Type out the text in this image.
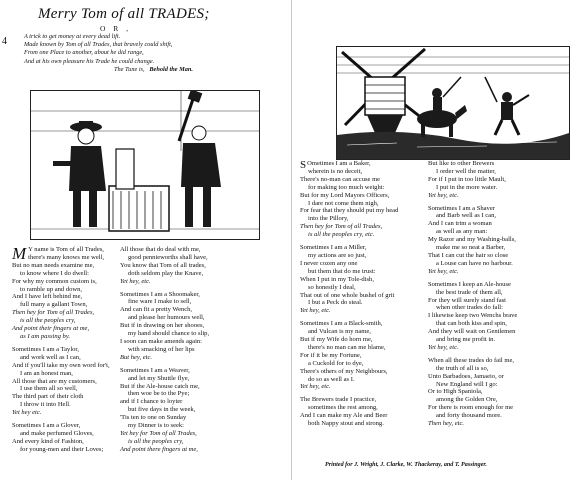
4
Merry Tom of all TRADES;
O R ,
A trick to get money at every dead lift.
Made known by Tom of all Trades, that bravely could shift,
From one Place to another, about he did range,
And at his own pleasure his Trade he could change.
The Tune is, Behold the Man.

M Y name is Tom of all Trades,
there's many knows me well,
But no man needs examine me,
to know where I do dwell:
For why my common custom is,
to ramble up and down,
And I have left behind me,
full many a gallant Town,
Then hey for Tom of all Trades,
is all the peoples cry,
And point their fingers at me,
as I am passing by.

Sometimes I am a Taylor,
and work well as I can,
And if you'll take my own word for't,
I am an honest man,
All those that are my customers,
I use them all so well,
The third part of their cloth
I throw it into Hell.
Yet hey etc.

Sometimes I am a Glover,
and make perfumed Gloves,
And every kind of Fashion,
for young-men and their Loves;

All those that do deal with me,
good pennieworths shall have,
You know that Tom of all trades,
doth seldom play the Knave,
Yet hey, etc.

Sometimes I am a Shoomaker,
fine ware I make to sell,
And can fit a pretty Wench,
and please her humours well,
But if in drawing on her shooes,
my hand should chance to slip,
I soon can make amends again:
with smacking of her lips
But hey, etc.

Sometimes I am a Weaver,
and let my Shuttle flye,
But if the Ale-house catch me,
then woe be to the Pye;
and if I chance to loyter
but five days in the week,
'Tis ten to one on Sunday
my Dinner is to seek:
Yet hey for Tom of all Trades,
is all the peoples cry,
And point there fingers at me,

S Ometimes I am a Baker,
wherein is no deceit,
There's no-man can accuse me
for making too much weight:
But for my Lord Mayors Officers,
I dare not come them nigh,
For fear that they should put my head
into the Pillory,
Then hey for Tom of all Trades,
is all the peoples cry, etc.

Sometimes I am a Miller,
my actions are so just,
I never cozen any one
but them that do me trust:
When I put in my Tole-dish,
so honestly I deal,
That out of one whole bushel of grit
I but a Peck do steal.
Yet hey, etc.

Sometimes I am a Black-smith,
and Vulcan is my name,
But if my Wife do horn me,
there's no man can me blame,
For if it be my Fortune,
a Cuckold for to dye,
There's others of my Neighbours,
do so as well as I.
Yet hey, etc.

The Brewers trade I practice,
sometimes the rest among,
And I can make my Ale and Beer
both Nappy stout and strong.

But like to other Brewers
I order well the matter,
For if I put in too little Mault,
I put in the more water.
Yet hey, etc.

Sometimes I am a Shaver
and Barb well as I can,
And I can trim a woman
as well as any man:
My Razor and my Washing-balls,
make me so neat a Barber,
That I can cut the hair so close
a Louse can have no harbour.
Yet hey, etc.

Sometimes I keep an Ale-house
the best trade of them all,
For they will surely stand fast
when other trades do fall:
I likewise keep two Wenchs brave
that can both kiss and spin,
And they will wait on Gentlemen
and bring me profit in.
Yet hey, etc.

When all these trades do fail me,
the truth of all is so,
Unto Barbadoes, Jamaeio, or
New England will I go:
Or to High Spaniola,
among the Golden Ore,
For there is room enough for me
and forty thousand more.
Then hey, etc.

Printed for J. Wright, J. Clarke, W. Thackeray, and T. Passinger.
